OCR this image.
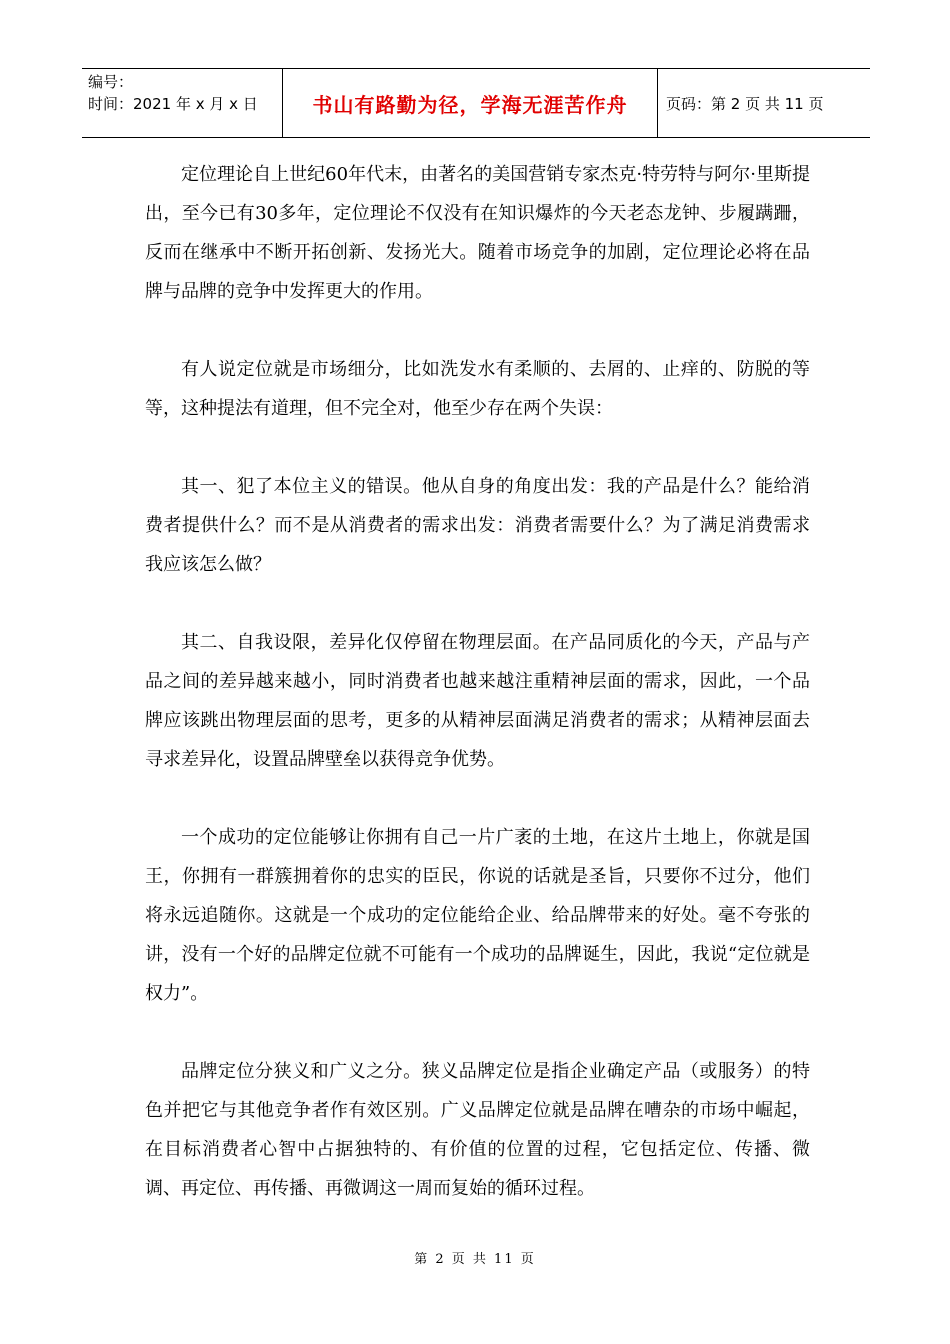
编号：
时间：2021 年 x 月 x 日	书山有路勤为径，学海无涯苦作舟	页码：第 2 页 共 11 页

定位理论自上世纪60年代末，由著名的美国营销专家杰克·特劳特与阿尔·里斯提出，至今已有30多年，定位理论不仅没有在知识爆炸的今天老态龙钟、步履蹒跚，反而在继承中不断开拓创新、发扬光大。随着市场竞争的加剧，定位理论必将在品牌与品牌的竞争中发挥更大的作用。

有人说定位就是市场细分，比如洗发水有柔顺的、去屑的、止痒的、防脱的等等，这种提法有道理，但不完全对，他至少存在两个失误：

其一、犯了本位主义的错误。他从自身的角度出发：我的产品是什么？能给消费者提供什么？而不是从消费者的需求出发：消费者需要什么？为了满足消费需求我应该怎么做？

其二、自我设限，差异化仅停留在物理层面。在产品同质化的今天，产品与产品之间的差异越来越小，同时消费者也越来越注重精神层面的需求，因此，一个品牌应该跳出物理层面的思考，更多的从精神层面满足消费者的需求；从精神层面去寻求差异化，设置品牌壁垒以获得竞争优势。

一个成功的定位能够让你拥有自己一片广袤的土地，在这片土地上，你就是国王，你拥有一群簇拥着你的忠实的臣民，你说的话就是圣旨，只要你不过分，他们将永远追随你。这就是一个成功的定位能给企业、给品牌带来的好处。毫不夸张的讲，没有一个好的品牌定位就不可能有一个成功的品牌诞生，因此，我说“定位就是权力”。

品牌定位分狭义和广义之分。狭义品牌定位是指企业确定产品（或服务）的特色并把它与其他竞争者作有效区别。广义品牌定位就是品牌在嘈杂的市场中崛起，在目标消费者心智中占据独特的、有价值的位置的过程，它包括定位、传播、微调、再定位、再传播、再微调这一周而复始的循环过程。

第 2 页 共 11 页
